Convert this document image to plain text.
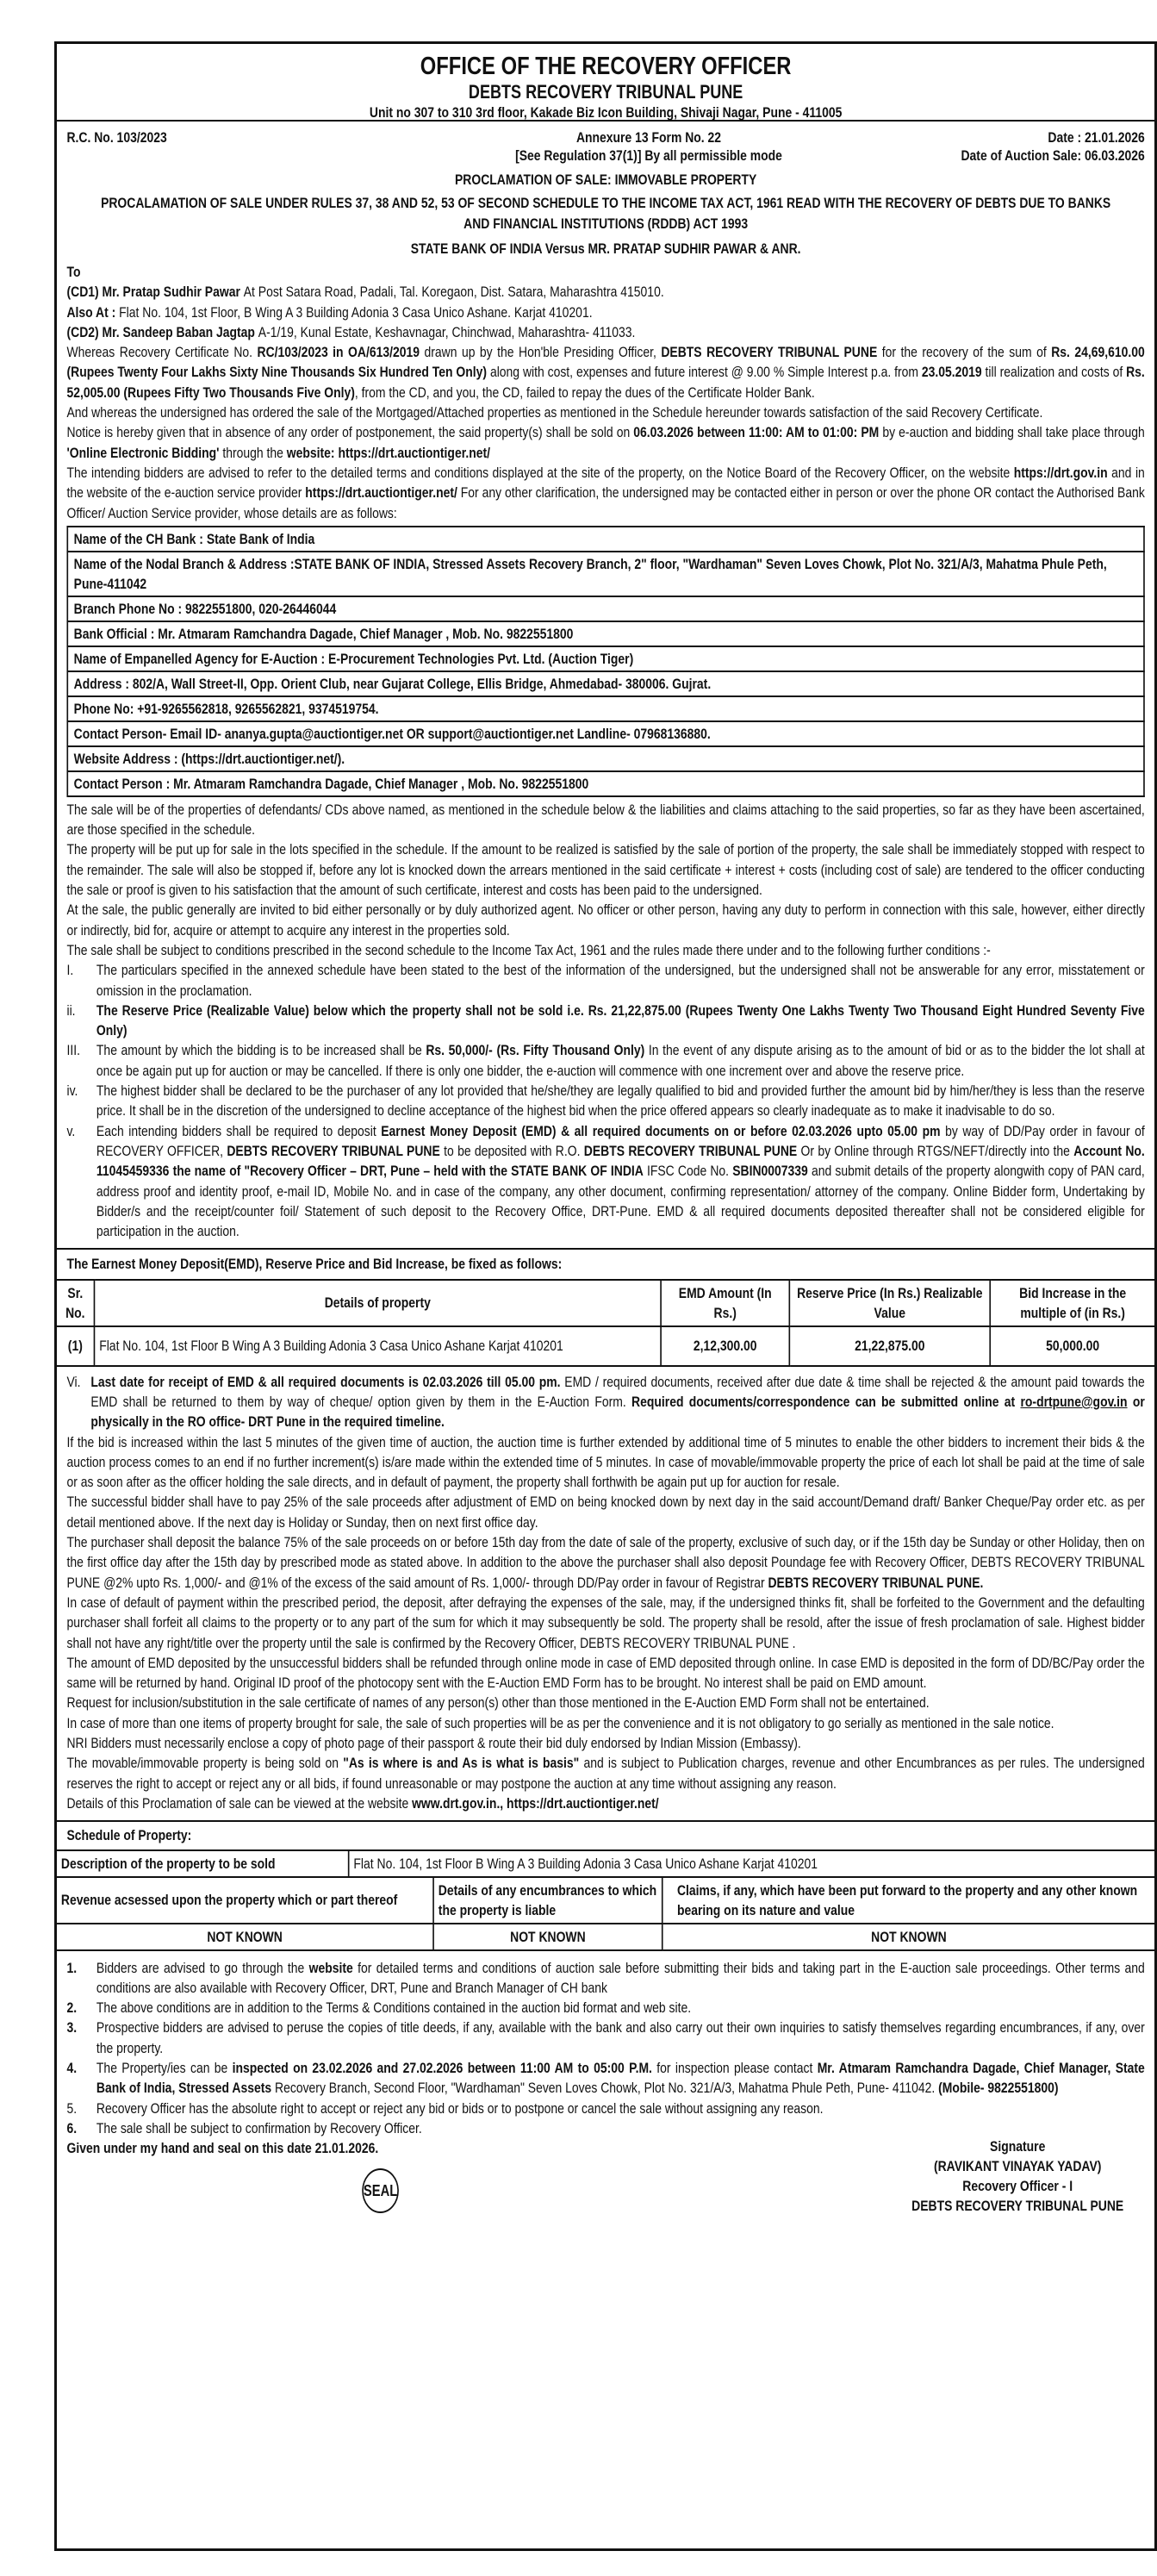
OFFICE OF THE RECOVERY OFFICER
DEBTS RECOVERY TRIBUNAL PUNE
Unit no 307 to 310 3rd floor, Kakade Biz Icon Building, Shivaji Nagar, Pune - 411005
R.C. No. 103/2023	Annexure 13 Form No. 22
[See Regulation 37(1)] By all permissible mode
Date : 21.01.2026
Date of Auction Sale: 06.03.2026
PROCLAMATION OF SALE: IMMOVABLE PROPERTY
PROCALAMATION OF SALE UNDER RULES 37, 38 AND 52, 53 OF SECOND SCHEDULE TO THE INCOME TAX ACT, 1961 READ WITH THE RECOVERY OF DEBTS DUE TO BANKS AND FINANCIAL INSTITUTIONS (RDDB) ACT 1993
STATE BANK OF INDIA Versus MR. PRATAP SUDHIR PAWAR & ANR.
To
(CD1) Mr. Pratap Sudhir Pawar At Post Satara Road, Padali, Tal. Koregaon, Dist. Satara, Maharashtra 415010.
Also At : Flat No. 104, 1st Floor, B Wing A 3 Building Adonia 3 Casa Unico Ashane. Karjat 410201.
(CD2) Mr. Sandeep Baban Jagtap A-1/19, Kunal Estate, Keshavnagar, Chinchwad, Maharashtra- 411033.
Whereas Recovery Certificate No. RC/103/2023 in OA/613/2019 drawn up by the Hon'ble Presiding Officer, DEBTS RECOVERY TRIBUNAL PUNE for the recovery of the sum of Rs. 24,69,610.00 (Rupees Twenty Four Lakhs Sixty Nine Thousands Six Hundred Ten Only) along with cost, expenses and future interest @ 9.00 % Simple Interest p.a. from 23.05.2019 till realization and costs of Rs. 52,005.00 (Rupees Fifty Two Thousands Five Only), from the CD, and you, the CD, failed to repay the dues of the Certificate Holder Bank.
And whereas the undersigned has ordered the sale of the Mortgaged/Attached properties as mentioned in the Schedule hereunder towards satisfaction of the said Recovery Certificate.
Notice is hereby given that in absence of any order of postponement, the said property(s) shall be sold on 06.03.2026 between 11:00: AM to 01:00: PM by e-auction and bidding shall take place through 'Online Electronic Bidding' through the website: https://drt.auctiontiger.net/
The intending bidders are advised to refer to the detailed terms and conditions displayed at the site of the property, on the Notice Board of the Recovery Officer, on the website https://drt.gov.in and in the website of the e-auction service provider https://drt.auctiontiger.net/ For any other clarification, the undersigned may be contacted either in person or over the phone OR contact the Authorised Bank Officer/ Auction Service provider, whose details are as follows:
Name of the CH Bank : State Bank of India
Name of the Nodal Branch & Address :STATE BANK OF INDIA, Stressed Assets Recovery Branch, 2" floor, "Wardhaman" Seven Loves Chowk, Plot No. 321/A/3, Mahatma Phule Peth, Pune-411042
Branch Phone No : 9822551800, 020-26446044
Bank Official : Mr. Atmaram Ramchandra Dagade, Chief Manager , Mob. No. 9822551800
Name of Empanelled Agency for E-Auction : E-Procurement Technologies Pvt. Ltd. (Auction Tiger)
Address : 802/A, Wall Street-II, Opp. Orient Club, near Gujarat College, Ellis Bridge, Ahmedabad- 380006. Gujrat.
Phone No: +91-9265562818, 9265562821, 9374519754.
Contact Person- Email ID- ananya.gupta@auctiontiger.net OR support@auctiontiger.net Landline- 07968136880.
Website Address : (https://drt.auctiontiger.net/).
Contact Person : Mr. Atmaram Ramchandra Dagade, Chief Manager , Mob. No. 9822551800
The sale will be of the properties of defendants/ CDs above named, as mentioned in the schedule below & the liabilities and claims attaching to the said properties, so far as they have been ascertained, are those specified in the schedule.
The property will be put up for sale in the lots specified in the schedule. If the amount to be realized is satisfied by the sale of portion of the property, the sale shall be immediately stopped with respect to the remainder. The sale will also be stopped if, before any lot is knocked down the arrears mentioned in the said certificate + interest + costs (including cost of sale) are tendered to the officer conducting the sale or proof is given to his satisfaction that the amount of such certificate, interest and costs has been paid to the undersigned.
At the sale, the public generally are invited to bid either personally or by duly authorized agent. No officer or other person, having any duty to perform in connection with this sale, however, either directly or indirectly, bid for, acquire or attempt to acquire any interest in the properties sold.
The sale shall be subject to conditions prescribed in the second schedule to the Income Tax Act, 1961 and the rules made there under and to the following further conditions :-
I.	The particulars specified in the annexed schedule have been stated to the best of the information of the undersigned, but the undersigned shall not be answerable for any error, misstatement or omission in the proclamation.
ii.	The Reserve Price (Realizable Value) below which the property shall not be sold i.e. Rs. 21,22,875.00 (Rupees Twenty One Lakhs Twenty Two Thousand Eight Hundred Seventy Five Only)
III.	The amount by which the bidding is to be increased shall be Rs. 50,000/- (Rs. Fifty Thousand Only) In the event of any dispute arising as to the amount of bid or as to the bidder the lot shall at once be again put up for auction or may be cancelled. If there is only one bidder, the e-auction will commence with one increment over and above the reserve price.
iv.	The highest bidder shall be declared to be the purchaser of any lot provided that he/she/they are legally qualified to bid and provided further the amount bid by him/her/they is less than the reserve price. It shall be in the discretion of the undersigned to decline acceptance of the highest bid when the price offered appears so clearly inadequate as to make it inadvisable to do so.
v.	Each intending bidders shall be required to deposit Earnest Money Deposit (EMD) & all required documents on or before 02.03.2026 upto 05.00 pm by way of DD/Pay order in favour of RECOVERY OFFICER, DEBTS RECOVERY TRIBUNAL PUNE to be deposited with R.O. DEBTS RECOVERY TRIBUNAL PUNE Or by Online through RTGS/NEFT/directly into the Account No. 11045459336 the name of "Recovery Officer – DRT, Pune – held with the STATE BANK OF INDIA IFSC Code No. SBIN0007339 and submit details of the property alongwith copy of PAN card, address proof and identity proof, e-mail ID, Mobile No. and in case of the company, any other document, confirming representation/ attorney of the company. Online Bidder form, Undertaking by Bidder/s and the receipt/counter foil/ Statement of such deposit to the Recovery Office, DRT-Pune. EMD & all required documents deposited thereafter shall not be considered eligible for participation in the auction.
The Earnest Money Deposit(EMD), Reserve Price and Bid Increase, be fixed as follows:
Sr. No.	Details of property	EMD Amount (In Rs.)	Reserve Price (In Rs.) Realizable Value	Bid Increase in the multiple of (in Rs.)
(1)	Flat No. 104, 1st Floor B Wing A 3 Building Adonia 3 Casa Unico Ashane Karjat 410201	2,12,300.00	21,22,875.00	50,000.00
Vi. Last date for receipt of EMD & all required documents is 02.03.2026 till 05.00 pm. EMD / required documents, received after due date & time shall be rejected & the amount paid towards the EMD shall be returned to them by way of cheque/ option given by them in the E-Auction Form. Required documents/correspondence can be submitted online at ro-drtpune@gov.in or physically in the RO office- DRT Pune in the required timeline.
If the bid is increased within the last 5 minutes of the given time of auction, the auction time is further extended by additional time of 5 minutes to enable the other bidders to increment their bids & the auction process comes to an end if no further increment(s) is/are made within the extended time of 5 minutes. In case of movable/immovable property the price of each lot shall be paid at the time of sale or as soon after as the officer holding the sale directs, and in default of payment, the property shall forthwith be again put up for auction for resale.
The successful bidder shall have to pay 25% of the sale proceeds after adjustment of EMD on being knocked down by next day in the said account/Demand draft/ Banker Cheque/Pay order etc. as per detail mentioned above. If the next day is Holiday or Sunday, then on next first office day.
The purchaser shall deposit the balance 75% of the sale proceeds on or before 15th day from the date of sale of the property, exclusive of such day, or if the 15th day be Sunday or other Holiday, then on the first office day after the 15th day by prescribed mode as stated above. In addition to the above the purchaser shall also deposit Poundage fee with Recovery Officer, DEBTS RECOVERY TRIBUNAL PUNE @2% upto Rs. 1,000/- and @1% of the excess of the said amount of Rs. 1,000/- through DD/Pay order in favour of Registrar DEBTS RECOVERY TRIBUNAL PUNE.
In case of default of payment within the prescribed period, the deposit, after defraying the expenses of the sale, may, if the undersigned thinks fit, shall be forfeited to the Government and the defaulting purchaser shall forfeit all claims to the property or to any part of the sum for which it may subsequently be sold. The property shall be resold, after the issue of fresh proclamation of sale. Highest bidder shall not have any right/title over the property until the sale is confirmed by the Recovery Officer, DEBTS RECOVERY TRIBUNAL PUNE .
The amount of EMD deposited by the unsuccessful bidders shall be refunded through online mode in case of EMD deposited through online. In case EMD is deposited in the form of DD/BC/Pay order the same will be returned by hand. Original ID proof of the photocopy sent with the E-Auction EMD Form has to be brought. No interest shall be paid on EMD amount.
Request for inclusion/substitution in the sale certificate of names of any person(s) other than those mentioned in the E-Auction EMD Form shall not be entertained.
In case of more than one items of property brought for sale, the sale of such properties will be as per the convenience and it is not obligatory to go serially as mentioned in the sale notice.
NRI Bidders must necessarily enclose a copy of photo page of their passport & route their bid duly endorsed by Indian Mission (Embassy).
The movable/immovable property is being sold on "As is where is and As is what is basis" and is subject to Publication charges, revenue and other Encumbrances as per rules. The undersigned reserves the right to accept or reject any or all bids, if found unreasonable or may postpone the auction at any time without assigning any reason.
Details of this Proclamation of sale can be viewed at the website www.drt.gov.in., https://drt.auctiontiger.net/
Schedule of Property:
Description of the property to be sold	Flat No. 104, 1st Floor B Wing A 3 Building Adonia 3 Casa Unico Ashane Karjat 410201
Revenue acsessed upon the property which or part thereof	Details of any encumbrances to which the property is liable	Claims, if any, which have been put forward to the property and any other known bearing on its nature and value
NOT KNOWN	NOT KNOWN	NOT KNOWN
1.	Bidders are advised to go through the website for detailed terms and conditions of auction sale before submitting their bids and taking part in the E-auction sale proceedings. Other terms and conditions are also available with Recovery Officer, DRT, Pune and Branch Manager of CH bank
2.	The above conditions are in addition to the Terms & Conditions contained in the auction bid format and web site.
3.	Prospective bidders are advised to peruse the copies of title deeds, if any, available with the bank and also carry out their own inquiries to satisfy themselves regarding encumbrances, if any, over the property.
4.	The Property/ies can be inspected on 23.02.2026 and 27.02.2026 between 11:00 AM to 05:00 P.M. for inspection please contact Mr. Atmaram Ramchandra Dagade, Chief Manager, State Bank of India, Stressed Assets Recovery Branch, Second Floor, "Wardhaman" Seven Loves Chowk, Plot No. 321/A/3, Mahatma Phule Peth, Pune- 411042. (Mobile- 9822551800)
5.	Recovery Officer has the absolute right to accept or reject any bid or bids or to postpone or cancel the sale without assigning any reason.
6.	The sale shall be subject to confirmation by Recovery Officer.
Given under my hand and seal on this date 21.01.2026.
SEAL
Signature
(RAVIKANT VINAYAK YADAV)
Recovery Officer - I
DEBTS RECOVERY TRIBUNAL PUNE
